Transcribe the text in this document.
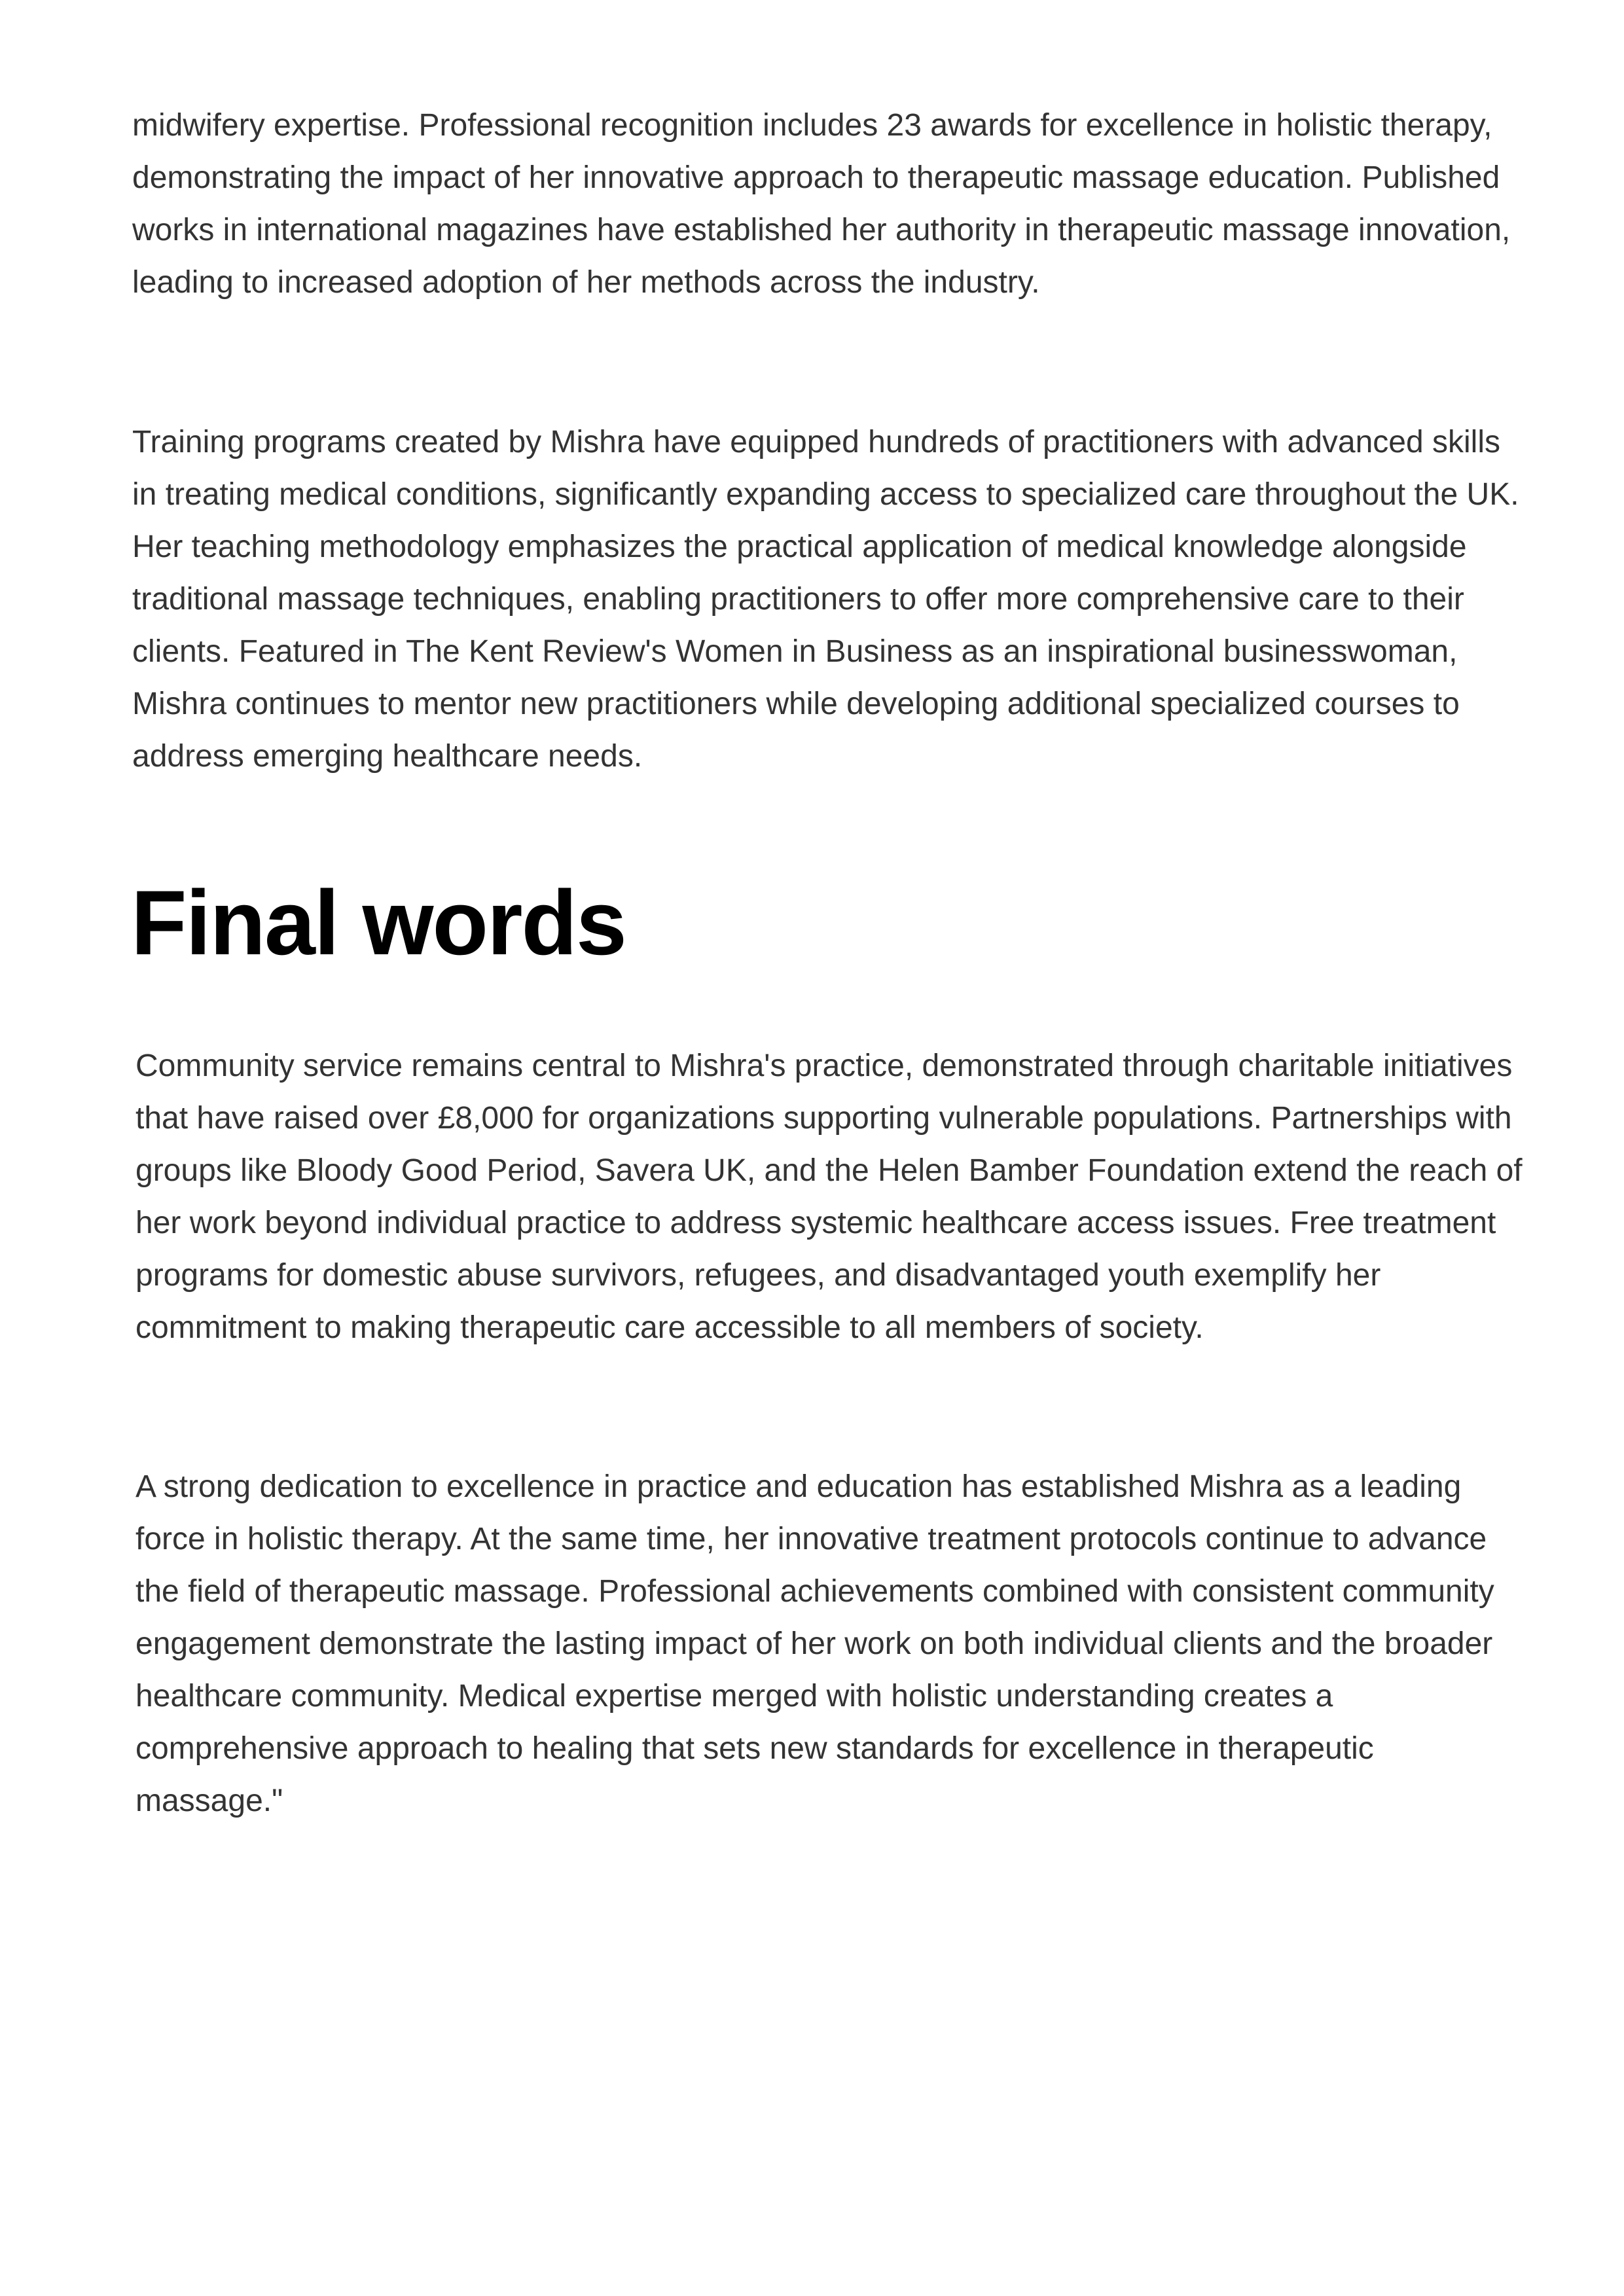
midwifery expertise. Professional recognition includes 23 awards for excellence in holistic therapy, demonstrating the impact of her innovative approach to therapeutic massage education. Published works in international magazines have established her authority in therapeutic massage innovation, leading to increased adoption of her methods across the industry.

Training programs created by Mishra have equipped hundreds of practitioners with advanced skills in treating medical conditions, significantly expanding access to specialized care throughout the UK. Her teaching methodology emphasizes the practical application of medical knowledge alongside traditional massage techniques, enabling practitioners to offer more comprehensive care to their clients. Featured in The Kent Review's Women in Business as an inspirational businesswoman, Mishra continues to mentor new practitioners while developing additional specialized courses to address emerging healthcare needs.

Final words

Community service remains central to Mishra's practice, demonstrated through charitable initiatives that have raised over £8,000 for organizations supporting vulnerable populations. Partnerships with groups like Bloody Good Period, Savera UK, and the Helen Bamber Foundation extend the reach of her work beyond individual practice to address systemic healthcare access issues. Free treatment programs for domestic abuse survivors, refugees, and disadvantaged youth exemplify her commitment to making therapeutic care accessible to all members of society.

A strong dedication to excellence in practice and education has established Mishra as a leading force in holistic therapy. At the same time, her innovative treatment protocols continue to advance the field of therapeutic massage. Professional achievements combined with consistent community engagement demonstrate the lasting impact of her work on both individual clients and the broader healthcare community. Medical expertise merged with holistic understanding creates a comprehensive approach to healing that sets new standards for excellence in therapeutic massage."
